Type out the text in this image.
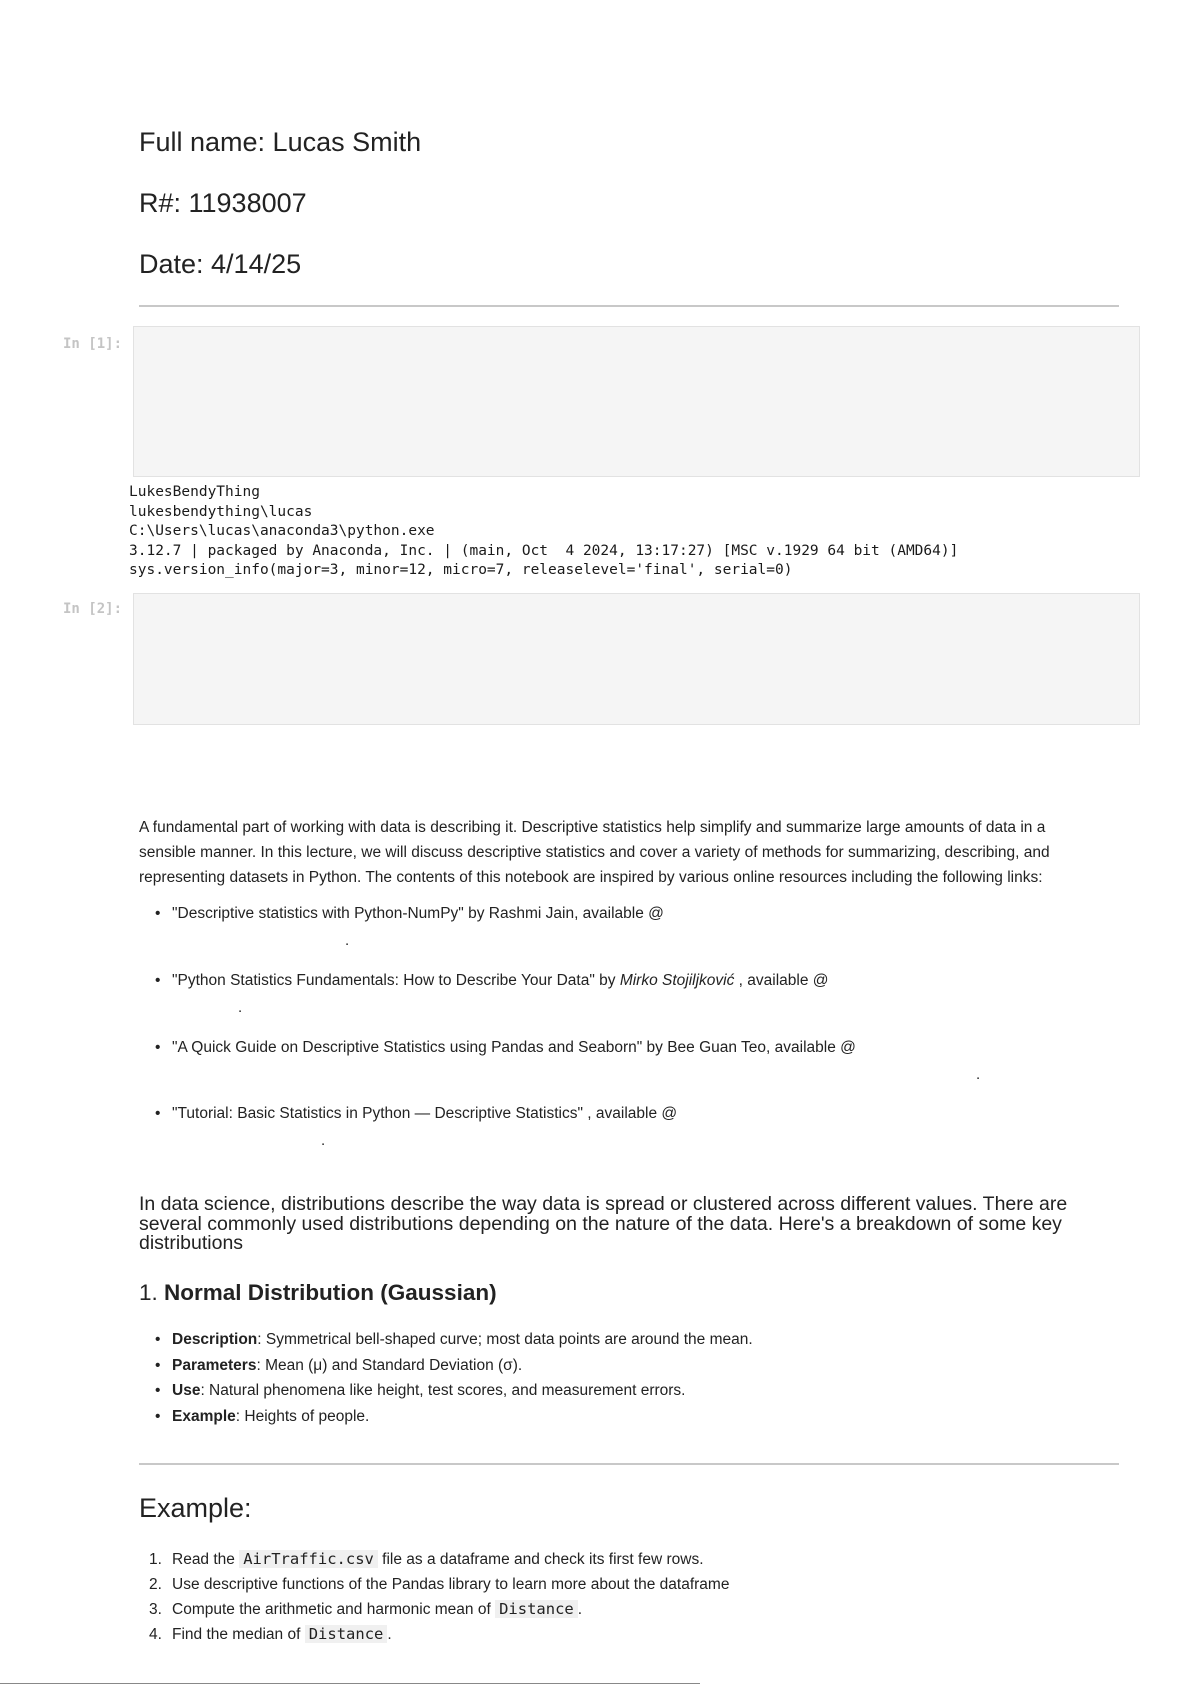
Full name: Lucas Smith
R#: 11938007
Date: 4/14/25
In [1]:
LukesBendyThing
lukesbendything\lucas
C:\Users\lucas\anaconda3\python.exe
3.12.7 | packaged by Anaconda, Inc. | (main, Oct  4 2024, 13:17:27) [MSC v.1929 64 bit (AMD64)]
sys.version_info(major=3, minor=12, micro=7, releaselevel='final', serial=0)
In [2]:
A fundamental part of working with data is describing it. Descriptive statistics help simplify and summarize large amounts of data in a sensible manner. In this lecture, we will discuss descriptive statistics and cover a variety of methods for summarizing, describing, and representing datasets in Python. The contents of this notebook are inspired by various online resources including the following links:
• "Descriptive statistics with Python-NumPy" by Rashmi Jain, available @
.
• "Python Statistics Fundamentals: How to Describe Your Data" by Mirko Stojiljković , available @
.
• "A Quick Guide on Descriptive Statistics using Pandas and Seaborn" by Bee Guan Teo, available @
.
• "Tutorial: Basic Statistics in Python — Descriptive Statistics" , available @
.
In data science, distributions describe the way data is spread or clustered across different values. There are several commonly used distributions depending on the nature of the data. Here's a breakdown of some key distributions
1. Normal Distribution (Gaussian)
• Description: Symmetrical bell-shaped curve; most data points are around the mean.
• Parameters: Mean (μ) and Standard Deviation (σ).
• Use: Natural phenomena like height, test scores, and measurement errors.
• Example: Heights of people.
Example:
1. Read the AirTraffic.csv file as a dataframe and check its first few rows.
2. Use descriptive functions of the Pandas library to learn more about the dataframe
3. Compute the arithmetic and harmonic mean of Distance .
4. Find the median of Distance .
